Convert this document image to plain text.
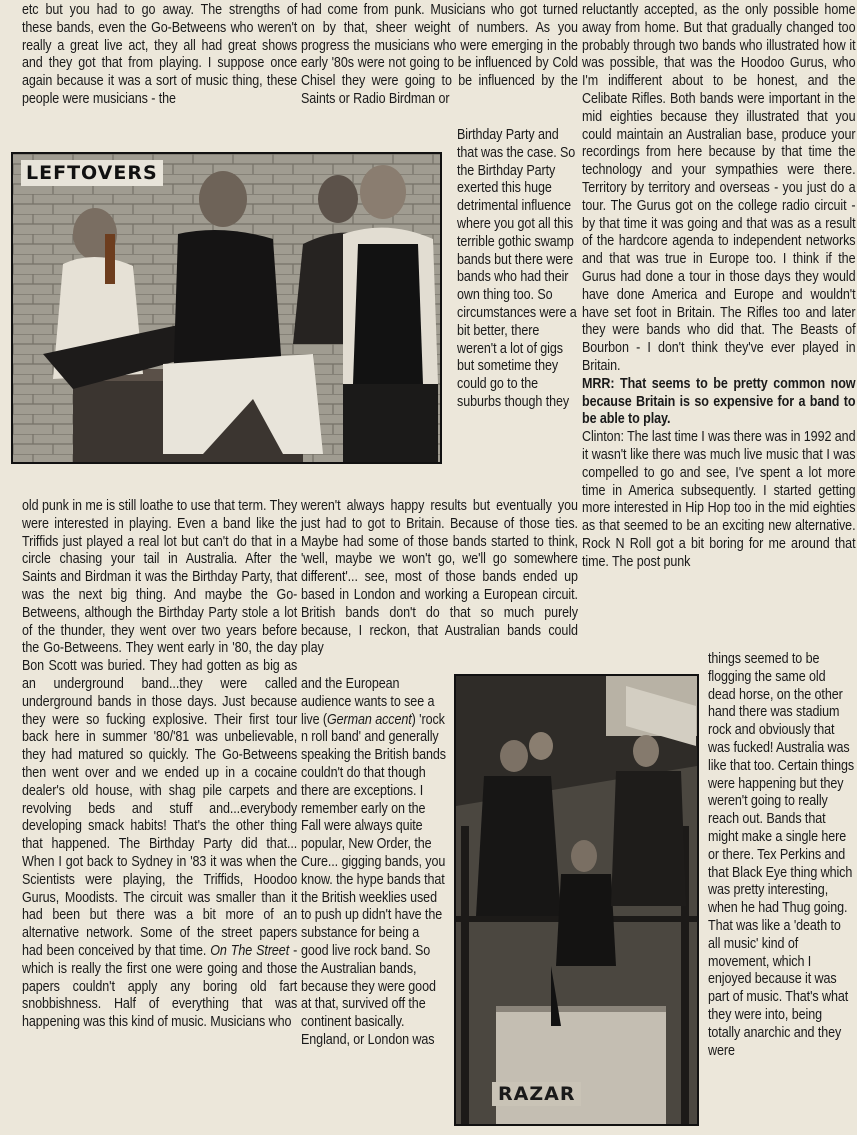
etc but you had to go away. The strengths of these bands, even the Go-Betweens who weren't really a great live act, they all had great shows and they got that from playing. I suppose once again because it was a sort of music thing, these people were musicians - the

had come from punk. Musicians who got turned on by that, sheer weight of numbers. As you progress the musicians who were emerging in the early '80s were not going to be influenced by Cold Chisel they were going to be influenced by the Saints or Radio Birdman or

Birthday Party and that was the case. So the Birthday Party exerted this huge detrimental influence where you got all this terrible gothic swamp bands but there were bands who had their own thing too. So circumstances were a bit better, there weren't a lot of gigs but sometime they could go to the suburbs though they

reluctantly accepted, as the only possible home away from home. But that gradually changed too probably through two bands who illustrated how it was possible, that was the Hoodoo Gurus, who I'm indifferent about to be honest, and the Celibate Rifles. Both bands were important in the mid eighties because they illustrated that you could maintain an Australian base, produce your recordings from here because by that time the technology and your sympathies were there. Territory by territory and overseas - you just do a tour. The Gurus got on the college radio circuit - by that time it was going and that was as a result of the hardcore agenda to independent networks and that was true in Europe too. I think if the Gurus had done a tour in those days they would have done America and Europe and wouldn't have set foot in Britain. The Rifles too and later they were bands who did that. The Beasts of Bourbon - I don't think they've ever played in Britain.
MRR: That seems to be pretty common now because Britain is so expensive for a band to be able to play.
Clinton: The last time I was there was in 1992 and it wasn't like there was much live music that I was compelled to go and see, I've spent a lot more time in America subsequently. I started getting more interested in Hip Hop too in the mid eighties as that seemed to be an exciting new alternative. Rock N Roll got a bit boring for me around that time. The post punk

things seemed to be flogging the same old dead horse, on the other hand there was stadium rock and obviously that was fucked! Australia was like that too. Certain things were happening but they weren't going to really reach out. Bands that might make a single here or there. Tex Perkins and that Black Eye thing which was pretty interesting, when he had Thug going. That was like a 'death to all music' kind of movement, which I enjoyed because it was part of music. That's what they were into, being totally anarchic and they were

old punk in me is still loathe to use that term. They were interested in playing. Even a band like the Triffids just played a real lot but can't do that in a circle chasing your tail in Australia. After the Saints and Birdman it was the Birthday Party, that was the next big thing. And maybe the Go-Betweens, although the Birthday Party stole a lot of the thunder, they went over two years before the Go-Betweens. They went early in '80, the day Bon Scott was buried. They had gotten as big as an underground band...they were called underground bands in those days. Just because they were so fucking explosive. Their first tour back here in summer '80/'81 was unbelievable, they had matured so quickly. The Go-Betweens then went over and we ended up in a cocaine dealer's old house, with shag pile carpets and revolving beds and stuff and...everybody developing smack habits! That's the other thing that happened. The Birthday Party did that... When I got back to Sydney in '83 it was when the Scientists were playing, the Triffids, Hoodoo Gurus, Moodists. The circuit was smaller than it had been but there was a bit more of an alternative network. Some of the street papers had been conceived by that time. On The Street - which is really the first one were going and those papers couldn't apply any boring old fart snobbishness. Half of everything that was happening was this kind of music. Musicians who

weren't always happy results but eventually you just had to got to Britain. Because of those ties. Maybe had some of those bands started to think, 'well, maybe we won't go, we'll go somewhere different'... see, most of those bands ended up based in London and working a European circuit. British bands don't do that so much purely because, I reckon, that Australian bands could play

and the European audience wants to see a live (German accent) 'rock n roll band' and generally speaking the British bands couldn't do that though there are exceptions. I remember early on the Fall were always quite popular, New Order, the Cure... gigging bands, you know. the hype bands that the British weeklies used to push up didn't have the substance for being a good live rock band. So the Australian bands, because they were good at that, survived off the continent basically. England, or London was
LEFTOVERS
RAZAR
